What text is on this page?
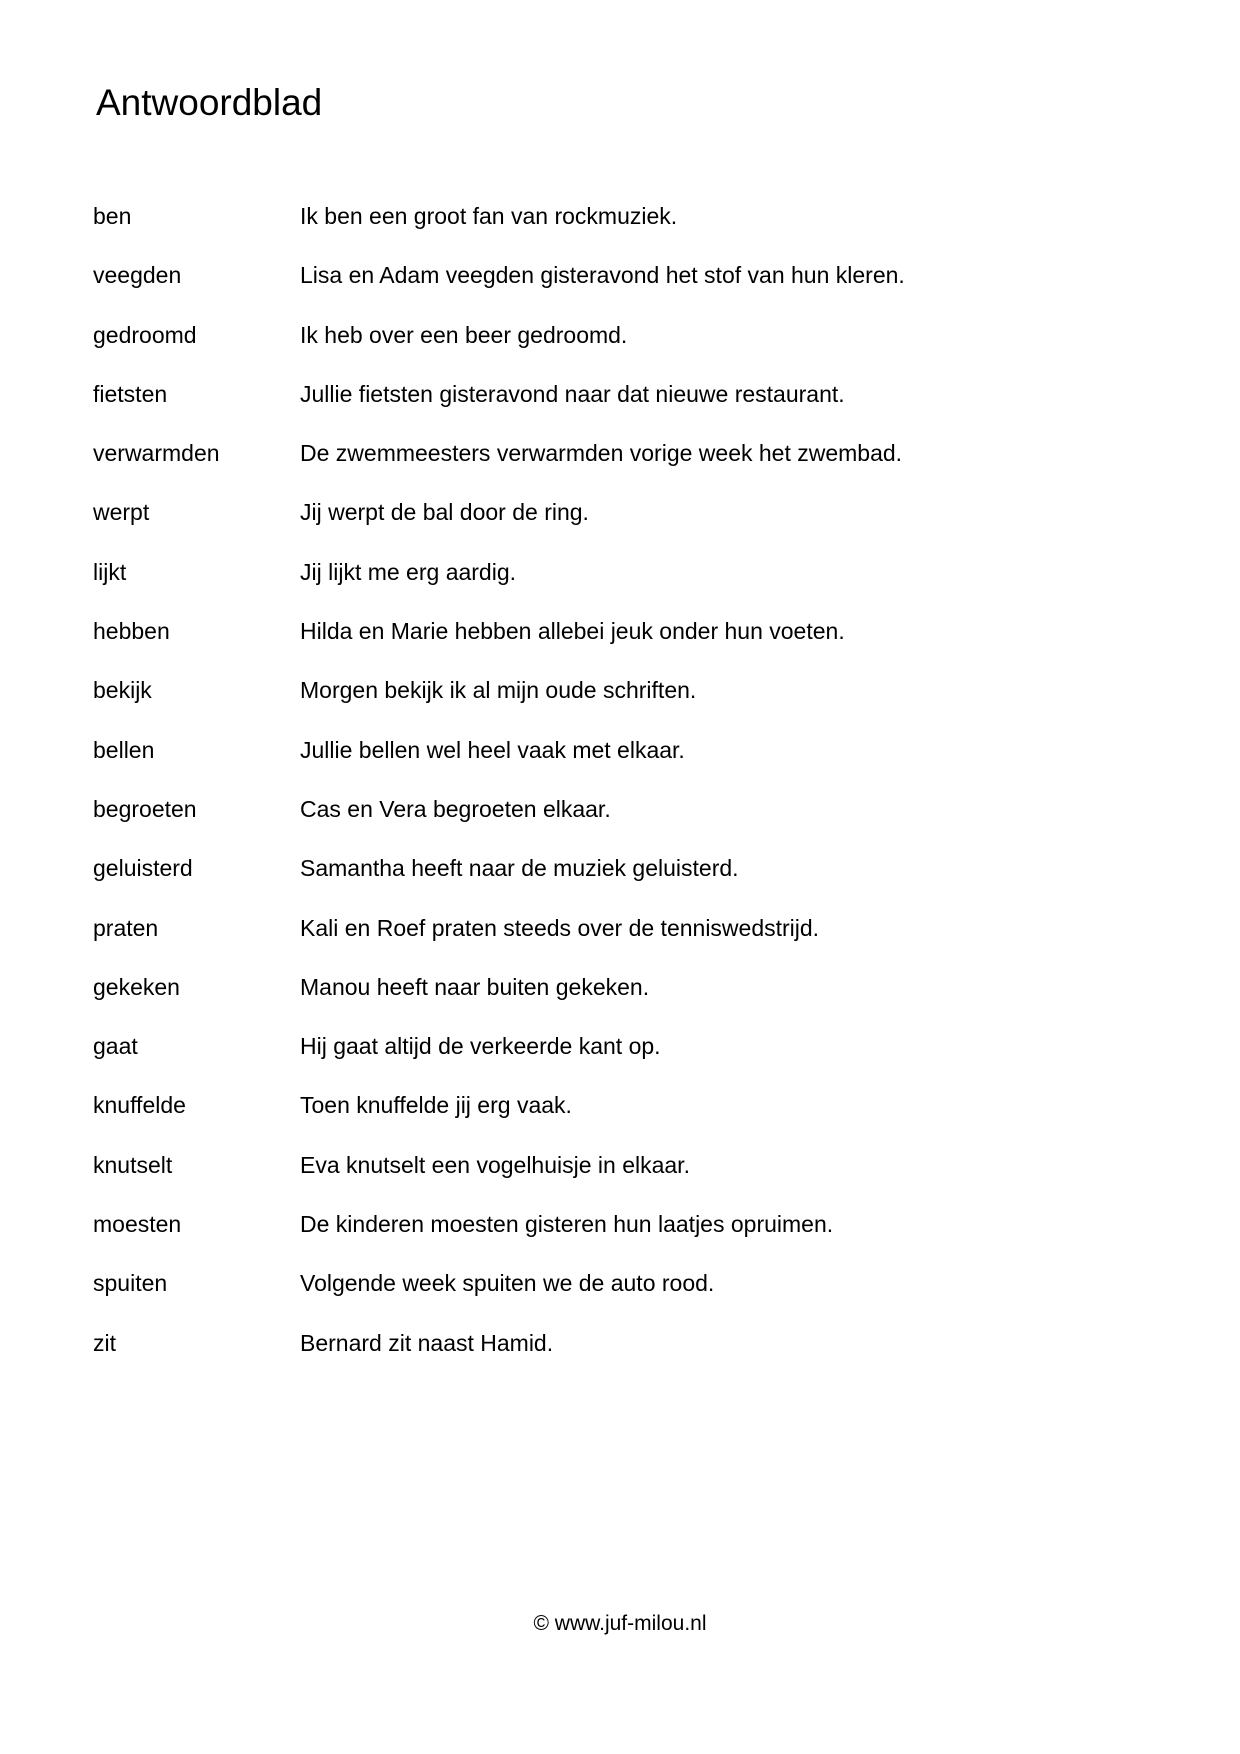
Antwoordblad
ben	Ik ben een groot fan van rockmuziek.
veegden	Lisa en Adam veegden gisteravond het stof van hun kleren.
gedroomd	Ik heb over een beer gedroomd.
fietsten	Jullie fietsten gisteravond naar dat nieuwe restaurant.
verwarmden	De zwemmeesters verwarmden vorige week het zwembad.
werpt	Jij werpt de bal door de ring.
lijkt	Jij lijkt me erg aardig.
hebben	Hilda en Marie hebben allebei jeuk onder hun voeten.
bekijk	Morgen bekijk ik al mijn oude schriften.
bellen	Jullie bellen wel heel vaak met elkaar.
begroeten	Cas en Vera begroeten elkaar.
geluisterd	Samantha heeft naar de muziek geluisterd.
praten	Kali en Roef praten steeds over de tenniswedstrijd.
gekeken	Manou heeft naar buiten gekeken.
gaat	Hij gaat altijd de verkeerde kant op.
knuffelde	Toen knuffelde jij erg vaak.
knutselt	Eva knutselt een vogelhuisje in elkaar.
moesten	De kinderen moesten gisteren hun laatjes opruimen.
spuiten	Volgende week spuiten we de auto rood.
zit	Bernard zit naast Hamid.
© www.juf-milou.nl
